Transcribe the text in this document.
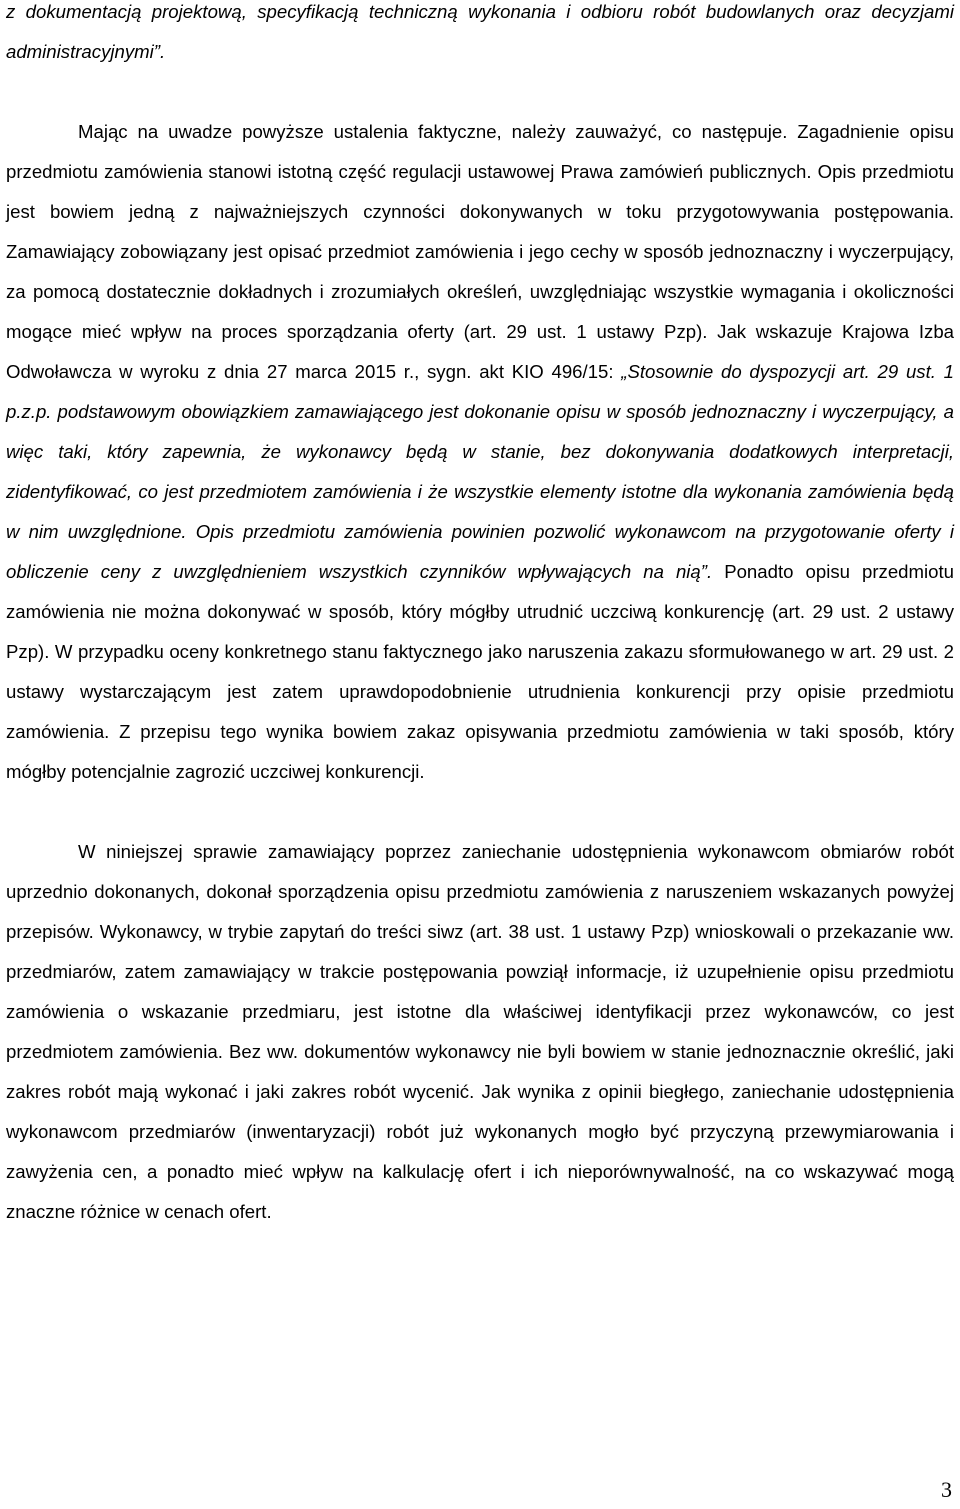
z dokumentacją projektową, specyfikacją techniczną wykonania i odbioru robót budowlanych oraz decyzjami administracyjnymi”.

Mając na uwadze powyższe ustalenia faktyczne, należy zauważyć, co następuje. Zagadnienie opisu przedmiotu zamówienia stanowi istotną część regulacji ustawowej Prawa zamówień publicznych. Opis przedmiotu jest bowiem jedną z najważniejszych czynności dokonywanych w toku przygotowywania postępowania. Zamawiający zobowiązany jest opisać przedmiot zamówienia i jego cechy w sposób jednoznaczny i wyczerpujący, za pomocą dostatecznie dokładnych i zrozumiałych określeń, uwzględniając wszystkie wymagania i okoliczności mogące mieć wpływ na proces sporządzania oferty (art. 29 ust. 1 ustawy Pzp). Jak wskazuje Krajowa Izba Odwoławcza w wyroku z dnia 27 marca 2015 r., sygn. akt KIO 496/15: „Stosownie do dyspozycji art. 29 ust. 1 p.z.p. podstawowym obowiązkiem zamawiającego jest dokonanie opisu w sposób jednoznaczny i wyczerpujący, a więc taki, który zapewnia, że wykonawcy będą w stanie, bez dokonywania dodatkowych interpretacji, zidentyfikować, co jest przedmiotem zamówienia i że wszystkie elementy istotne dla wykonania zamówienia będą w nim uwzględnione. Opis przedmiotu zamówienia powinien pozwolić wykonawcom na przygotowanie oferty i obliczenie ceny z uwzględnieniem wszystkich czynników wpływających na nią”. Ponadto opisu przedmiotu zamówienia nie można dokonywać w sposób, który mógłby utrudnić uczciwą konkurencję (art. 29 ust. 2 ustawy Pzp). W przypadku oceny konkretnego stanu faktycznego jako naruszenia zakazu sformułowanego w art. 29 ust. 2 ustawy wystarczającym jest zatem uprawdopodobnienie utrudnienia konkurencji przy opisie przedmiotu zamówienia. Z przepisu tego wynika bowiem zakaz opisywania przedmiotu zamówienia w taki sposób, który mógłby potencjalnie zagrozić uczciwej konkurencji.

W niniejszej sprawie zamawiający poprzez zaniechanie udostępnienia wykonawcom obmiarów robót uprzednio dokonanych, dokonał sporządzenia opisu przedmiotu zamówienia z naruszeniem wskazanych powyżej przepisów. Wykonawcy, w trybie zapytań do treści siwz (art. 38 ust. 1 ustawy Pzp) wnioskowali o przekazanie ww. przedmiarów, zatem zamawiający w trakcie postępowania powziął informacje, iż uzupełnienie opisu przedmiotu zamówienia o wskazanie przedmiaru, jest istotne dla właściwej identyfikacji przez wykonawców, co jest przedmiotem zamówienia. Bez ww. dokumentów wykonawcy nie byli bowiem w stanie jednoznacznie określić, jaki zakres robót mają wykonać i jaki zakres robót wycenić. Jak wynika z opinii biegłego, zaniechanie udostępnienia wykonawcom przedmiarów (inwentaryzacji) robót już wykonanych mogło być przyczyną przewymiarowania i zawyżenia cen, a ponadto mieć wpływ na kalkulację ofert i ich nieporównywalność, na co wskazywać mogą znaczne różnice w cenach ofert.

3
